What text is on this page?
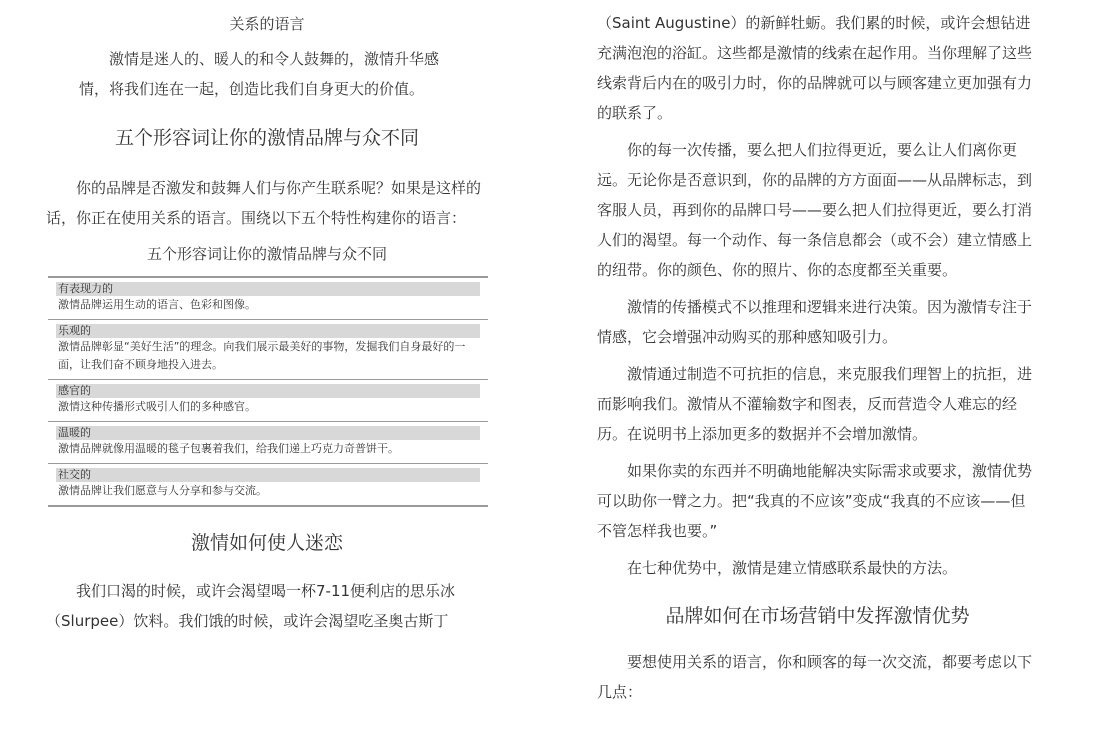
关系的语言

激情是迷人的、暖人的和令人鼓舞的，激情升华感情，将我们连在一起，创造比我们自身更大的价值。

五个形容词让你的激情品牌与众不同

你的品牌是否激发和鼓舞人们与你产生联系呢？如果是这样的话，你正在使用关系的语言。围绕以下五个特性构建你的语言：

五个形容词让你的激情品牌与众不同
有表现力的
激情品牌运用生动的语言、色彩和图像。
乐观的
激情品牌彰显“美好生活”的理念。向我们展示最美好的事物，发掘我们自身最好的一面，让我们奋不顾身地投入进去。
感官的
激情这种传播形式吸引人们的多种感官。
温暖的
激情品牌就像用温暖的毯子包裹着我们，给我们递上巧克力奇普饼干。
社交的
激情品牌让我们愿意与人分享和参与交流。
激情如何使人迷恋

我们口渴的时候，或许会渴望喝一杯7-11便利店的思乐冰（Slurpee）饮料。我们饿的时候，或许会渴望吃圣奥古斯丁

（Saint Augustine）的新鲜牡蛎。我们累的时候，或许会想钻进充满泡泡的浴缸。这些都是激情的线索在起作用。当你理解了这些线索背后内在的吸引力时，你的品牌就可以与顾客建立更加强有力的联系了。

你的每一次传播，要么把人们拉得更近，要么让人们离你更远。无论你是否意识到，你的品牌的方方面面——从品牌标志，到客服人员，再到你的品牌口号——要么把人们拉得更近，要么打消人们的渴望。每一个动作、每一条信息都会（或不会）建立情感上的纽带。你的颜色、你的照片、你的态度都至关重要。

激情的传播模式不以推理和逻辑来进行决策。因为激情专注于情感，它会增强冲动购买的那种感知吸引力。

激情通过制造不可抗拒的信息，来克服我们理智上的抗拒，进而影响我们。激情从不灌输数字和图表，反而营造令人难忘的经历。在说明书上添加更多的数据并不会增加激情。

如果你卖的东西并不明确地能解决实际需求或要求，激情优势可以助你一臂之力。把“我真的不应该”变成“我真的不应该——但不管怎样我也要。”

在七种优势中，激情是建立情感联系最快的方法。

品牌如何在市场营销中发挥激情优势

要想使用关系的语言，你和顾客的每一次交流，都要考虑以下几点：
